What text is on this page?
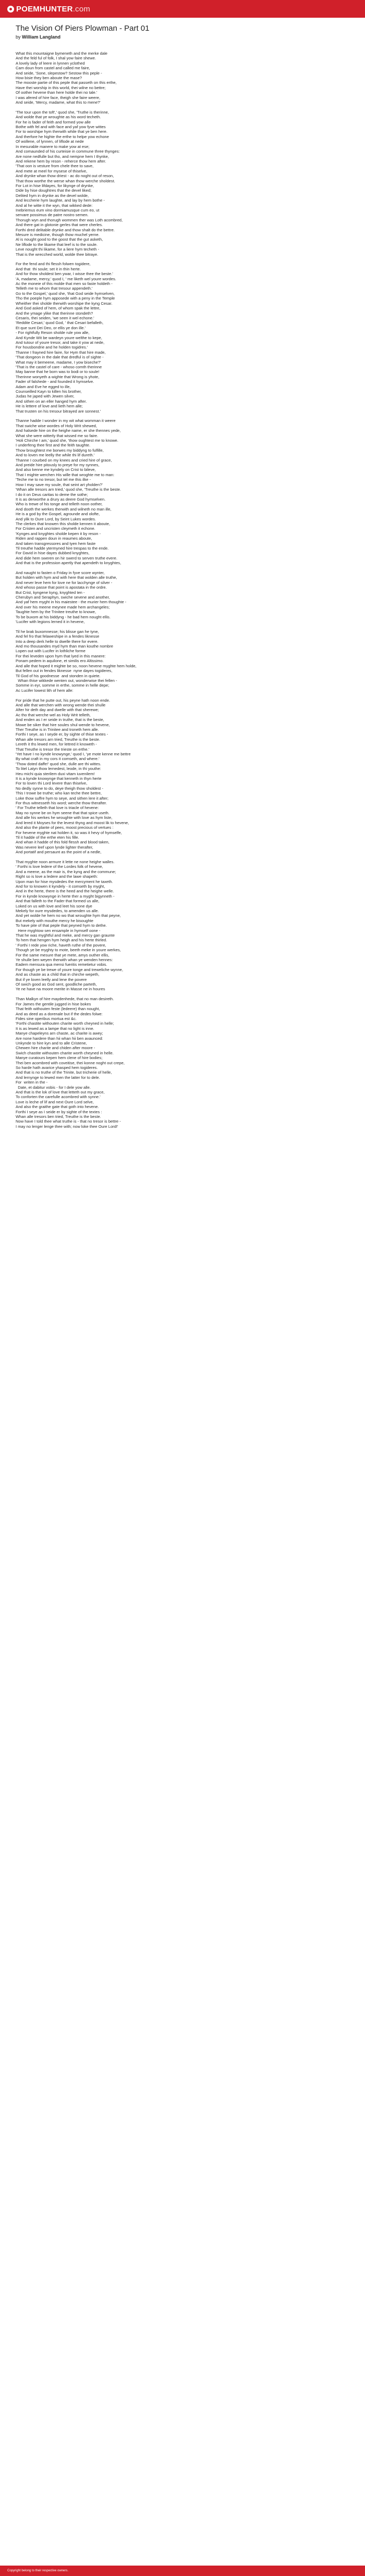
POEM HUNTER .com
The Vision Of Piers Plowman - Part 01
by William Langland
What this mountaigne bymeneth and the merke dale
And the feld ful of folk, I shal yow faire shewe.
A lovely lady of leere in lynnen yclothed
Cam doun from castel and called me faire,
And seide, 'Sone, slepestow? Sestow this peple -
How bisie they ben aboute the mase?
The mooste partie of this peple that passeth on this erthe,
Have thei worship in this world, thei wilne no bettre;
Of oother hevene than here holde thei no tale.'
I was afered of hire face, theigh she faire weere,
And seide, 'Mercy, madame, what this to mene?'
'The tour upon the toft',' quod she, 'Truthe is therinne,
And wolde that ye wroughte as his word techeth.
For he is fader of feith and formed yow alle
Bothe with fel and with face and yaf yow fyve wittes
For to worshipe hym therwith while that ye ben here.
And therfore he highte the erthe to helpe yow echone
Of wollene, of lynnen, of liflode at nede
In mesurable manere to make yow at ese;
And comaunded of his curteisie in commune three thynges:
Are none nedfulle but tho, and nempne hem I thynke,
And rekene hem by reson - reherce thow hem after.
'That oon is vesture from chele thee to save,
And mete at meel for mysese of thiselve,
And drynke whan thow driest - ac do noght out of reson,
That thow worthe the werse whan thow werche sholdest.
For Lot in hise lifdayes, for likynge of drynke,
Dide by hise doughtres that the devel liked;
Delited hym in drynke as the devel wolde,
And leccherie hym laughte, and lay by hem bothe -
And al he witte it the wyn, that wikked dede:
Inebriemus eum vino dormiamusque cum eo, ut
servare possimus de patre nostro semen.
Thorugh wyn and thorugh wommen ther was Loth acombred,
And there gat in glotonie gerles that were cherles.
Forthi dred delitable drynke and thow shalt do the bettre.
Mesure is medicine, though thow muchel yerne.
Al is nought good to the goost that the gut asketh,
Ne liflode to the likame that leef is to the soule.
Leve nought thi likame, for a liere hym techeth -
That is the wrecched world, wolde thee bitraye.
For the fend and thi flessh folwen togidere,
And that  thi soule; set it in thin herte.
And for thow sholdest ben ywar, I wisse thee the beste.'
'A, madame, mercy,' quod I, ' me liketh wel youre wordes.
Ac the moneie of this molde that men so faste holdeth -
Telleth me to whom that tresour appendeth.'
Go to the Gospel,' quod she, 'that God seide hymselven,
Tho the poeple hym apposede with a peny in the Temple
Wheither thei sholde therwith worshipe the kyng Cesar.
And God asked of hem, of whom spak the lettre,
And the ymage ylike that therinne stondeth?
Cesaris, thei seiden, 'we seen it wel echone.'
'Reddite Cesari,' quod God, ' that Cesari befalleth,
Et que sunt Dei Deo, or ellis ye don ille.'
- For rightfully Reson sholde rule yow alle,
And Kynde Wit be wardeyn youre welthe to kepe,
And tutour of youre tresor, and take it yow at nede,
For housbondrie and he holden togidres.'
Thanne I frayned hire faire, for Hym that hire made,
'That dongeon in the dale that dredful is of sighte -
What may it bemeene, madame, I yow biseche?'
'That is the castel of care - whoso comth therinne
May banne that he born was to bodi or to soule!
Therinne wonyeth a wighte that Wrong is yhote,
Fader of falshede - and founded it hymselve.
Adam and Eve he egged to ille,
Counseilled Kayn to killen his brother,
Judas he japed with Jewen silver,
And sithen on an eller hanged hym after.
He is lettere of love and lieth hem alle;
That trusten on his tresour bitrayed are sonnest.'
Thanne hadde I wonder in my wit what womman it weere
That swiche wise wordes of Holy Writ shewed,
And halsede hire on the heighe name, er she thennes yede,
What she were witterly that wissed me so faire.
'Holi Chirche I am,' quod she, 'thow oughtest me to knowe.
I underfeng thee first and the feith taughte.
Thow broughtest me borwes my biddyng to fulfille,
And to loven me leelly the while thi lif dureth.'
Thanne I courbed on my knees and cried hire of grace,
And preide hire pitously to preye for my synnes,
And also kenne me kyndely on Crist to bileve,
That I mighte werchen His wille that wroghte me to man:
'Teche me to no tresor, but tel me this ilke -
How I may save my soule, that seint art yholden?'
'Whan alle tresors arn tried,' quod she, 'Treuthe is the beste.
I do it on Deus caritas to deme the sothe;
It is as derworthe a drury as deere God hymselven.
Who is trewe of his tonge and telleth noon oother,
And dooth the werkes therwith and wilneth no man ille,
He is a god by the Gospel, agrounde and olofte,
And ylik to Oure Lord, by Seint Lukes wordes.
The clerkes that knowen this sholde kennen it aboute,
For Cristen and uncristen cleymeth it echone.
'Kynges and knyghtes sholde kepen it by reson -
Riden and rappen doun in reaumes aboute,
And taken transgressores and tyen hem faste
Til treuthe hadde ytermyned hire trespas to the ende.
For David in hise dayes dubbed knyghtes,
And didе hem sweren on hir swerd to serven truthe evere.
And that is the profession apertly that apendeth to knyghtes,
And naught to fasten o Friday in fyve score wynter,
But holden with hym and with here that wolden alle truthe,
And never leve hem for love ne for lacchynge of silver -
And whoso passe that point is apostata in the ordre.
But Crist, kyngene kyng, knyghted ten -
Cherubyn and Seraphyn, swiche sevene and another,
And yaf hem myght in his maiestee - the murier hem thoughte -
And over his meene meynee made hem archangeles;
Taughte hem by the Trinitee treuthe to knowe,
To be buxom at his biddyng - he bad hem nought ellis.
'Lucifer with legions lerned it in hevene,
Til he brak buxomnesse; his blisse gan he tyne,
And fel fro that felaweshipe in a fendes liknesse
Into a deep derk helle to dwelle there for evere.
And mo thousandes myd hym than man kouthe nombre
Lopen out with Lucifer in lothliche forme
For thei leveden upon hym that lyed in this manere:
Ponam pedem in aquilone, et similis ero Altissimo.
And alle that hoped it mighte be so, noon hevene myghte hem holde,
But fellen out in fendes liknesse  nyne dayes togideres,
Til God of his goodnesse  and stonden in quiete.
Whan thise wikkede wenten out, wonderwise thei fellen -
Somme in eyr, somme in erthe, somme in helle depe;
Ac Lucifer lowest lith of hem alle:
For pride that he putte out, his peyne hath noon ende.
And alle that werchen with wrong wende thei shulle
After hir deth day and dwelle with that sherewe;
Ac tho that werche wel as Holy Wrіt telleth,
And enden as I er seide in truthe, that is the beste,
Mowe be siker that hire soules shul wende to hevene,
Ther Treuthe is in Trinitee and troneth hem alle.
Forthi I seye, as I seyde er, by sighte of thise textes -
Whan alle tresors arn tried, Treuthe is the beste.
Lereth it ths lewed men, for lettred it knoweth -
That Treuthe is tresor the trieste on erthe.'
'Yet have I no kynde knowynge,' quod I, 'ye mote kenne me bettre
By what craft in my cors it comseth, and where.'
'Thow doted daffe!' quod she, dulle are thi wittes.
To litel Latyn thow lernedest, leode, in thi youthe:
Heu michi quia sterilem duxi vitam iuvenilem!
It is a kynde knowynge that kenneth in thyn herte
For to loven thi Lord levere than thiselve,
No dedly synne to do, deye theigh thow sholdest -
This I trowe be truthe; who kan teche thee bettre,
Loke thow suffre hym to seye, and sithen lere it after;
For thus witnesseth his word; werche thow therafter.
' For Truthe telleth that love is triacle of hevene:
May no synne be on hym seene that that spice useth.
And alle his werkes he wroughte with love as hym liste,
And lered it Moyses for the levest thyng and moost lik to hevene,
And also the plante of pees, moost precious of vertues :
For hevene myghte nat holden it, so was it hevy of hymselfe,
Til it hadde of the erthe eten his fille.
And whan it hadde of this fold flessh and blood taken,
Was nevere leef upon lynde lighter therafter,
And portatif and persaunt as the point of a nedle,
That myghte noon armure it lette ne none heighe walles.
' Forthi is love ledere of the Lordes folk of hevene,
And a meene, as the mair is, the kyng and the commune;
Right so is love a ledere and the lawe shapeth:
Upon man for hise mysdedes the mercyment he taxeth.
And for to knowen it kyndely - it comseth by myght,
And in the herte, there is the heed and the heighe welle.
For in kynde knowynge in herte ther a myght bigynneth -
And that falleth to the Fader that formed us alle,
Loked on us with love and leet his sone dye
Mekely for oure mysdedes, to amenden us alle.
And yet wolde he hem no wo that wroughte hym that peyne,
But mekely with mouthe mercy he bisoughte
To have pite of that peple that peyned hym to dethe.
Here myghtow sen ensample in hymself oone -
That he was myghtful and meke, and mercy gan graunte
To hem that hengen hym heigh and his herte thirled.
' Forthi I rede yow riche, haveth ruthe of the povere,
Though ye be myghty to mote, beeth meke in youre werkes,
For the same mesure that ye mete, amys outher ellis,
Ye shulle ben weyen therwith whan ye wenden hennes:
Eadem mensura qua mensi fueritis remetietur vobis.
For though ye be trewe of youre tonge and treweliche wynne,
And as chaste as a child that in chirche wepeth,
But if ye loven leelly and lene the povere
Of swich good as God sent, goodliche parteth,
Ye ne have na moore merite in Masse ne in houres
Than Malkyn of hire maydenhede, that no man desireth.
For James the gentile jugged in hise bokes
That feith withouten feste (ledeere) than nought,
And as deed as a dorenale but if the dedes folwe:
Fides sine operibus mortua est &c.
'Forthi chastite withouten charite worth cheyned in helle;
It is as lewed as a lampe that no light is inne.
Manye chapeleyns arn chaste, ac charite is awey;
Are none hardere than hii whan hii ben avaunced:
Unkynde to hire kyn and to alle Cristene,
Chewen hire charite and chiden after moore -
Swich chastite withouten charite worth cheyned in helle.
Manye curatours kepen hem clene of hire bodies;
Thei ben acombred with coveitise, thei konne noght out crepe,
So harde hath avarice yhasped hem togideres.
And that is no truthe of the Trinite, but tricherie of helle,
And lernynge to lewed men the latter for to dele.
For  writen in the -
Date, et dabitur vobis - for I dele yow alle.
And that is the lok of love that letteth out my grace,
To conforten the carefulle acombred with synne.'
Love is leche of lif and next Oure Lord selve,
And also the graithe gate that goth into hevene.
Forthi I seye as I seide er by sighte of the textes :
Whan alle tresors ben tried, Treuthe is the beste.
Now have I told thee what truthe is - that no tresor is bettre -
I may no lenger lenge thee with; now loke thee Oure Lord!'
Copyright belong to their respective owners.
